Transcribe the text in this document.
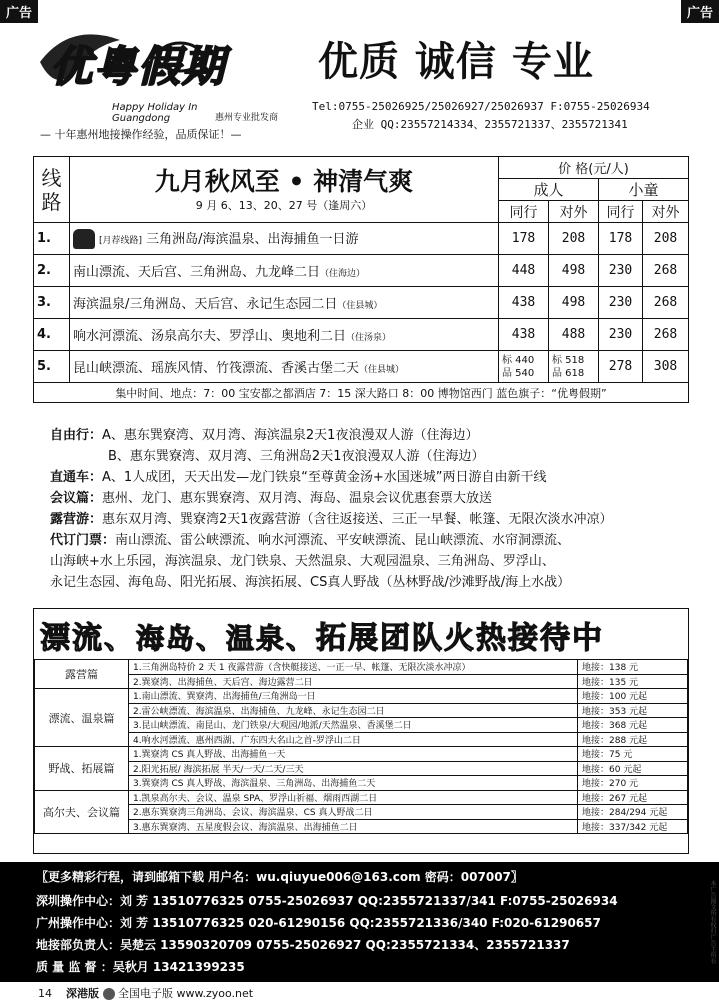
广告	广告
优粤假期
Happy Holiday In
Guangdong	惠州专业批发商
— 十年惠州地接操作经验，品质保证！—
优质 诚信 专业
Tel:0755-25026925/25026927/25026937 F:0755-25026934
企业 QQ:23557214334、2355721337、2355721341
线路	九月秋风至 • 神清气爽
9 月 6、13、20、27 号（逢周六）	价 格(元/人)			
		成人		小童	
		同行	对外	同行	对外
1.	[月荐线路] 三角洲岛/海滨温泉、出海捕鱼一日游	178	208	178	208
2.	南山漂流、天后宫、三角洲岛、九龙峰二日（住海边）	448	498	230	268
3.	海滨温泉/三角洲岛、天后宫、永记生态园二日（住县城）	438	498	230	268
4.	响水河漂流、汤泉高尔夫、罗浮山、奥地利二日（住汤泉）	438	488	230	268
5.	昆山峡漂流、瑶族风情、竹筏漂流、香溪古堡二天（住县城）	标 440 品 540	标 518 品 618	278	308
集中时间、地点：7：00 宝安都之都酒店 7：15 深大路口 8：00 博物馆西门 蓝色旗子：“优粤假期”					
自由行：A、惠东巽寮湾、双月湾、海滨温泉2天1夜浪漫双人游（住海边）
B、惠东巽寮湾、双月湾、三角洲岛2天1夜浪漫双人游（住海边）
直通车：A、1人成团，天天出发—龙门铁泉“至尊黄金汤+水国迷城”两日游自由新干线
会议篇：惠州、龙门、惠东巽寮湾、双月湾、海岛、温泉会议优惠套票大放送
露营游：惠东双月湾、巽寮湾2天1夜露营游（含往返接送、三正一早餐、帐篷、无限次淡水冲凉）
代订门票：南山漂流、雷公峡漂流、响水河漂流、平安峡漂流、昆山峡漂流、水帘洞漂流、
山海峡+水上乐园，海滨温泉、龙门铁泉、天然温泉、大观园温泉、三角洲岛、罗浮山、
永记生态园、海龟岛、阳光拓展、海滨拓展、CS真人野战（丛林野战/沙滩野战/海上水战）
漂流、海岛、温泉、拓展团队火热接待中
露营篇	1.三角洲岛特价 2 天 1 夜露营游（含快艇接送、一正一早、帐篷、无限次淡水冲凉）	地接：138 元
	2.巽寮湾、出海捕鱼、天后宫、海边露营二日	地接：135 元
漂流、温泉篇	1.南山漂流、巽寮湾、出海捕鱼/三角洲岛一日	地接：100 元起
	2.雷公峡漂流、海滨温泉、出海捕鱼、九龙峰、永记生态园二日	地接：353 元起
	3.昆山峡漂流、南昆山、龙门铁泉/大观园/地派/天然温泉、香溪堡二日	地接：368 元起
	4.响水河漂流、惠州西湖、广东四大名山之首-罗浮山二日	地接：288 元起
野战、拓展篇	1.巽寮湾 CS 真人野战、出海捕鱼一天	地接：75 元
	2.阳光拓展/ 海滨拓展 半天/一天/二天/三天	地接：60 元起
	3.巽寮湾 CS 真人野战、海滨温泉、三角洲岛、出海捕鱼二天	地接：270 元
高尔夫、会议篇	1.凯泉高尔夫、会议、温泉 SPA、罗浮山祈福、烟雨西湖二日	地接：267 元起
	2.惠东巽寮湾三角洲岛、会议、海滨温泉、CS 真人野战二日	地接：284/294 元起
	3.惠东巽寮湾、五星度假会议、海滨温泉、出海捕鱼二日	地接：337/342 元起
〖更多精彩行程，请到邮箱下载 用户名：wu.qiuyue006@163.com 密码：007007〗
深圳操作中心：刘 芳 13510776325 0755-25026937 QQ:2355721337/341 F:0755-25026934
广州操作中心：刘 芳 13510776325 020-61290156 QQ:2355721336/340 F:020-61290657
地接部负责人：吴楚云 13590320709 0755-25026927 QQ:2355721334、2355721337
质 量 监 督 ：吴秋月 13421399235
14 深港版 全国电子版 www.zyoo.net
本广告图文所有权归广告主所有
